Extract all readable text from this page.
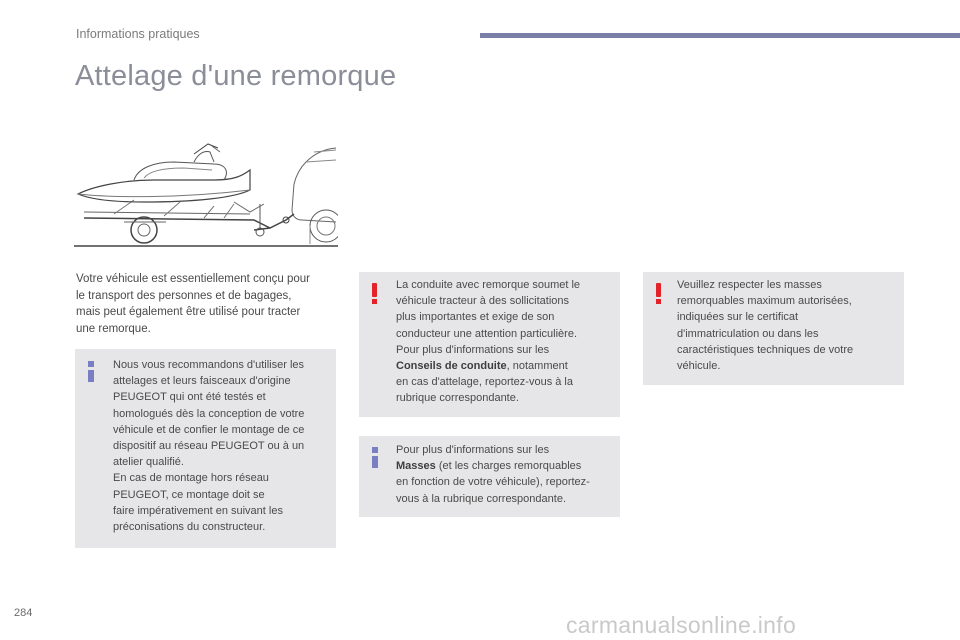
Informations pratiques
Attelage d'une remorque
Votre véhicule est essentiellement conçu pour
le transport des personnes et de bagages,
mais peut également être utilisé pour tracter
une remorque.
Nous vous recommandons d'utiliser les
attelages et leurs faisceaux d'origine
PEUGEOT qui ont été testés et
homologués dès la conception de votre
véhicule et de confier le montage de ce
dispositif au réseau PEUGEOT ou à un
atelier qualifié.
En cas de montage hors réseau
PEUGEOT, ce montage doit se
faire impérativement en suivant les
préconisations du constructeur.
La conduite avec remorque soumet le
véhicule tracteur à des sollicitations
plus importantes et exige de son
conducteur une attention particulière.
Pour plus d'informations sur les
Conseils de conduite, notamment
en cas d'attelage, reportez-vous à la
rubrique correspondante.
Pour plus d'informations sur les
Masses (et les charges remorquables
en fonction de votre véhicule), reportez-
vous à la rubrique correspondante.
Veuillez respecter les masses
remorquables maximum autorisées,
indiquées sur le certificat
d'immatriculation ou dans les
caractéristiques techniques de votre
véhicule.
284	carmanualsonline.info
